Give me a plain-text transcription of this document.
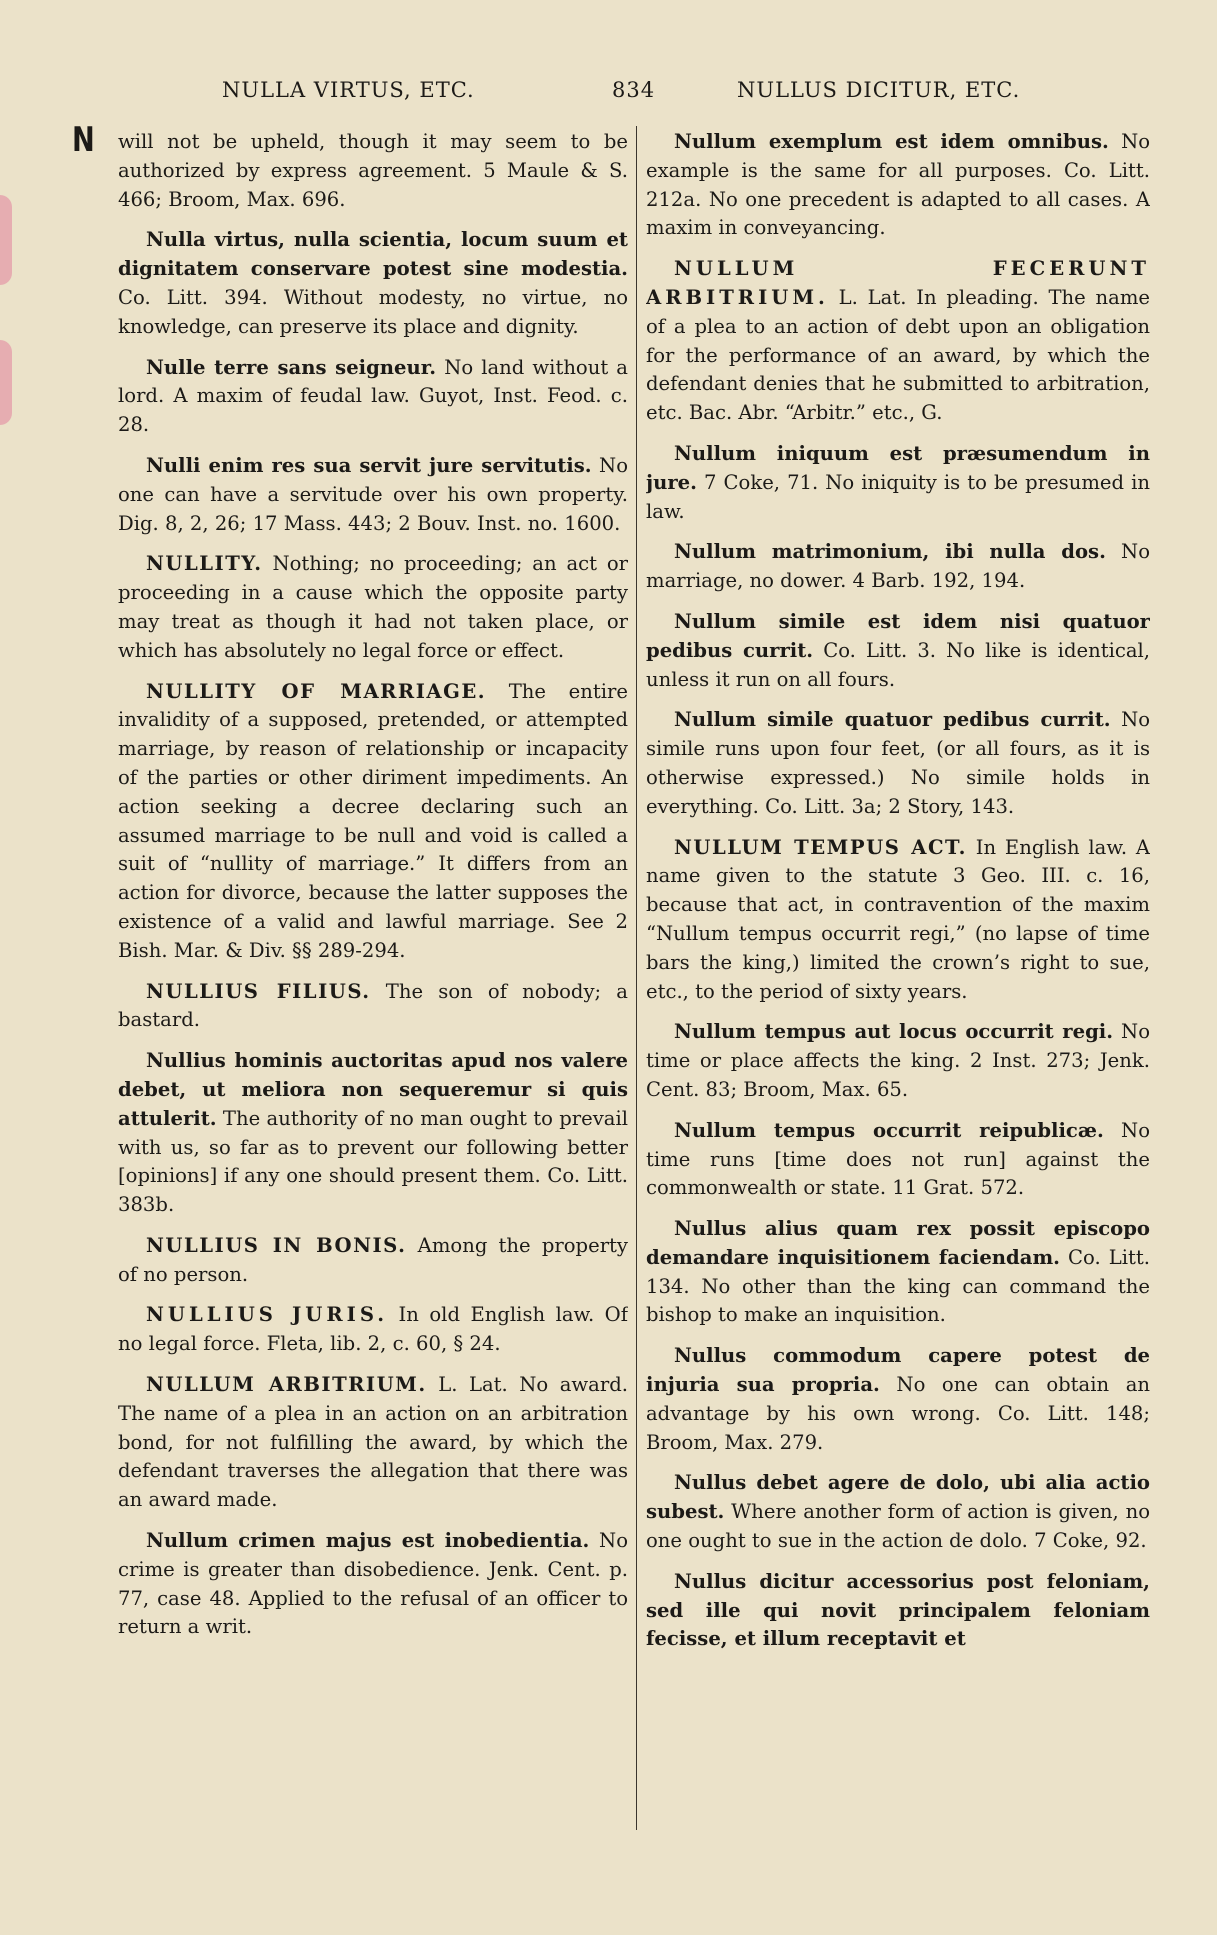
NULLA VIRTUS, ETC.	834	NULLUS DICITUR, ETC.
N will not be upheld, though it may seem to be authorized by express agreement. 5 Maule & S. 466; Broom, Max. 696.

Nulla virtus, nulla scientia, locum suum et dignitatem conservare potest sine modestia. Co. Litt. 394. Without modesty, no virtue, no knowledge, can preserve its place and dignity.

Nulle terre sans seigneur. No land without a lord. A maxim of feudal law. Guyot, Inst. Feod. c. 28.

Nulli enim res sua servit jure servitutis. No one can have a servitude over his own property. Dig. 8, 2, 26; 17 Mass. 443; 2 Bouv. Inst. no. 1600.

NULLITY. Nothing; no proceeding; an act or proceeding in a cause which the opposite party may treat as though it had not taken place, or which has absolutely no legal force or effect.

NULLITY OF MARRIAGE. The entire invalidity of a supposed, pretended, or attempted marriage, by reason of relationship or incapacity of the parties or other diriment impediments. An action seeking a decree declaring such an assumed marriage to be null and void is called a suit of “nullity of marriage.” It differs from an action for divorce, because the latter supposes the existence of a valid and lawful marriage. See 2 Bish. Mar. & Div. §§ 289-294.

NULLIUS FILIUS. The son of nobody; a bastard.

Nullius hominis auctoritas apud nos valere debet, ut meliora non sequeremur si quis attulerit. The authority of no man ought to prevail with us, so far as to prevent our following better [opinions] if any one should present them. Co. Litt. 383b.

NULLIUS IN BONIS. Among the property of no person.

NULLIUS JURIS. In old English law. Of no legal force. Fleta, lib. 2, c. 60, § 24.

NULLUM ARBITRIUM. L. Lat. No award. The name of a plea in an action on an arbitration bond, for not fulfilling the award, by which the defendant traverses the allegation that there was an award made.

Nullum crimen majus est inobedientia. No crime is greater than disobedience. Jenk. Cent. p. 77, case 48. Applied to the refusal of an officer to return a writ.

Nullum exemplum est idem omnibus. No example is the same for all purposes. Co. Litt. 212a. No one precedent is adapted to all cases. A maxim in conveyancing.

NULLUM FECERUNT ARBITRIUM. L. Lat. In pleading. The name of a plea to an action of debt upon an obligation for the performance of an award, by which the defendant denies that he submitted to arbitration, etc. Bac. Abr. “Arbitr.” etc., G.

Nullum iniquum est præsumendum in jure. 7 Coke, 71. No iniquity is to be presumed in law.

Nullum matrimonium, ibi nulla dos. No marriage, no dower. 4 Barb. 192, 194.

Nullum simile est idem nisi quatuor pedibus currit. Co. Litt. 3. No like is identical, unless it run on all fours.

Nullum simile quatuor pedibus currit. No simile runs upon four feet, (or all fours, as it is otherwise expressed.) No simile holds in everything. Co. Litt. 3a; 2 Story, 143.

NULLUM TEMPUS ACT. In English law. A name given to the statute 3 Geo. III. c. 16, because that act, in contravention of the maxim “Nullum tempus occurrit regi,” (no lapse of time bars the king,) limited the crown’s right to sue, etc., to the period of sixty years.

Nullum tempus aut locus occurrit regi. No time or place affects the king. 2 Inst. 273; Jenk. Cent. 83; Broom, Max. 65.

Nullum tempus occurrit reipublicæ. No time runs [time does not run] against the commonwealth or state. 11 Grat. 572.

Nullus alius quam rex possit episcopo demandare inquisitionem faciendam. Co. Litt. 134. No other than the king can command the bishop to make an inquisition.

Nullus commodum capere potest de injuria sua propria. No one can obtain an advantage by his own wrong. Co. Litt. 148; Broom, Max. 279.

Nullus debet agere de dolo, ubi alia actio subest. Where another form of action is given, no one ought to sue in the action de dolo. 7 Coke, 92.

Nullus dicitur accessorius post feloniam, sed ille qui novit principalem feloniam fecisse, et illum receptavit et
